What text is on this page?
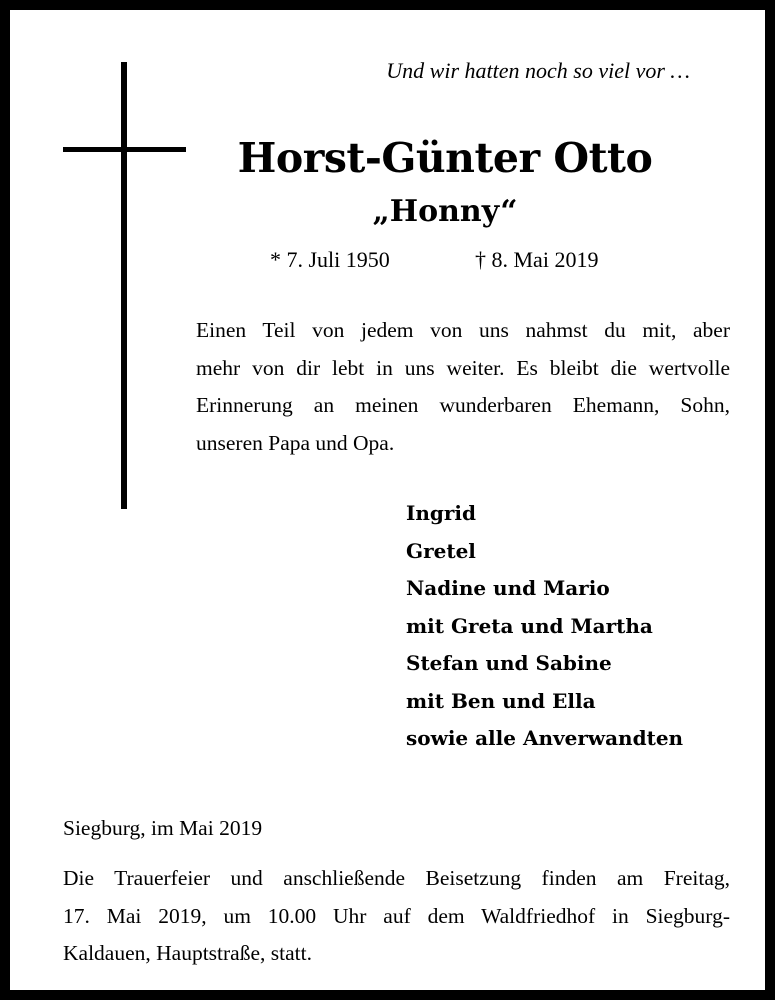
Und wir hatten noch so viel vor …
Horst-Günter Otto
„Honny“
* 7. Juli 1950	† 8. Mai 2019

Einen Teil von jedem von uns nahmst du mit, aber
mehr von dir lebt in uns weiter. Es bleibt die wertvolle
Erinnerung an meinen wunderbaren Ehemann, Sohn,
unseren Papa und Opa.

Ingrid
Gretel
Nadine und Mario
mit Greta und Martha
Stefan und Sabine
mit Ben und Ella
sowie alle Anverwandten
Siegburg, im Mai 2019

Die Trauerfeier und anschließende Beisetzung finden am Freitag,
17. Mai 2019, um 10.00 Uhr auf dem Waldfriedhof in Siegburg-
Kaldauen, Hauptstraße, statt.
